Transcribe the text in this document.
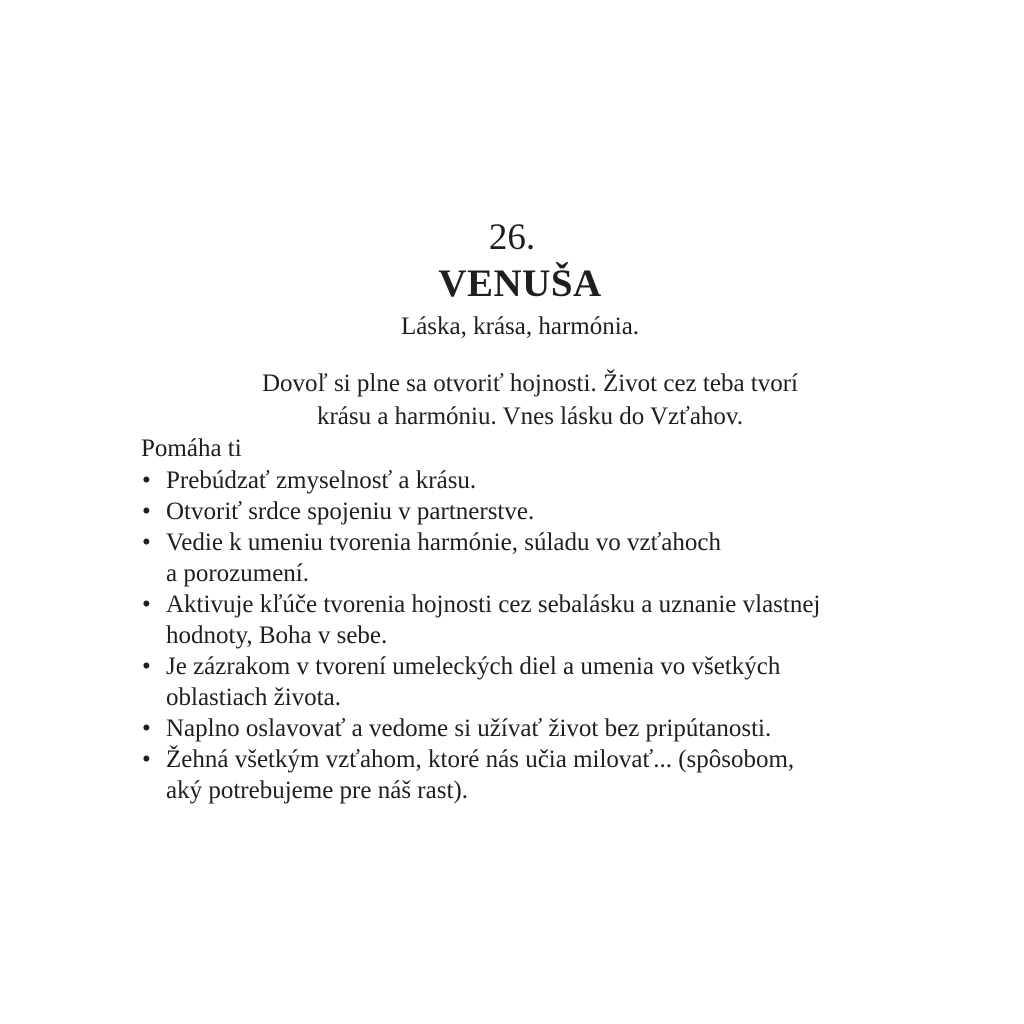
26.
VENUŠA
Láska, krása, harmónia.
Dovoľ si plne sa otvoriť hojnosti. Život cez teba tvorí
krásu a harmóniu. Vnes lásku do Vzťahov.
Pomáha ti
• Prebúdzať zmyselnosť a krásu.
• Otvoriť srdce spojeniu v partnerstve.
• Vedie k umeniu tvorenia harmónie, súladu vo vzťahoch
a porozumení.
• Aktivuje kľúče tvorenia hojnosti cez sebalásku a uznanie vlastnej
hodnoty, Boha v sebe.
• Je zázrakom v tvorení umeleckých diel a umenia vo všetkých
oblastiach života.
• Naplno oslavovať a vedome si užívať život bez pripútanosti.
• Žehná všetkým vzťahom, ktoré nás učia milovať... (spôsobom,
aký potrebujeme pre náš rast).
